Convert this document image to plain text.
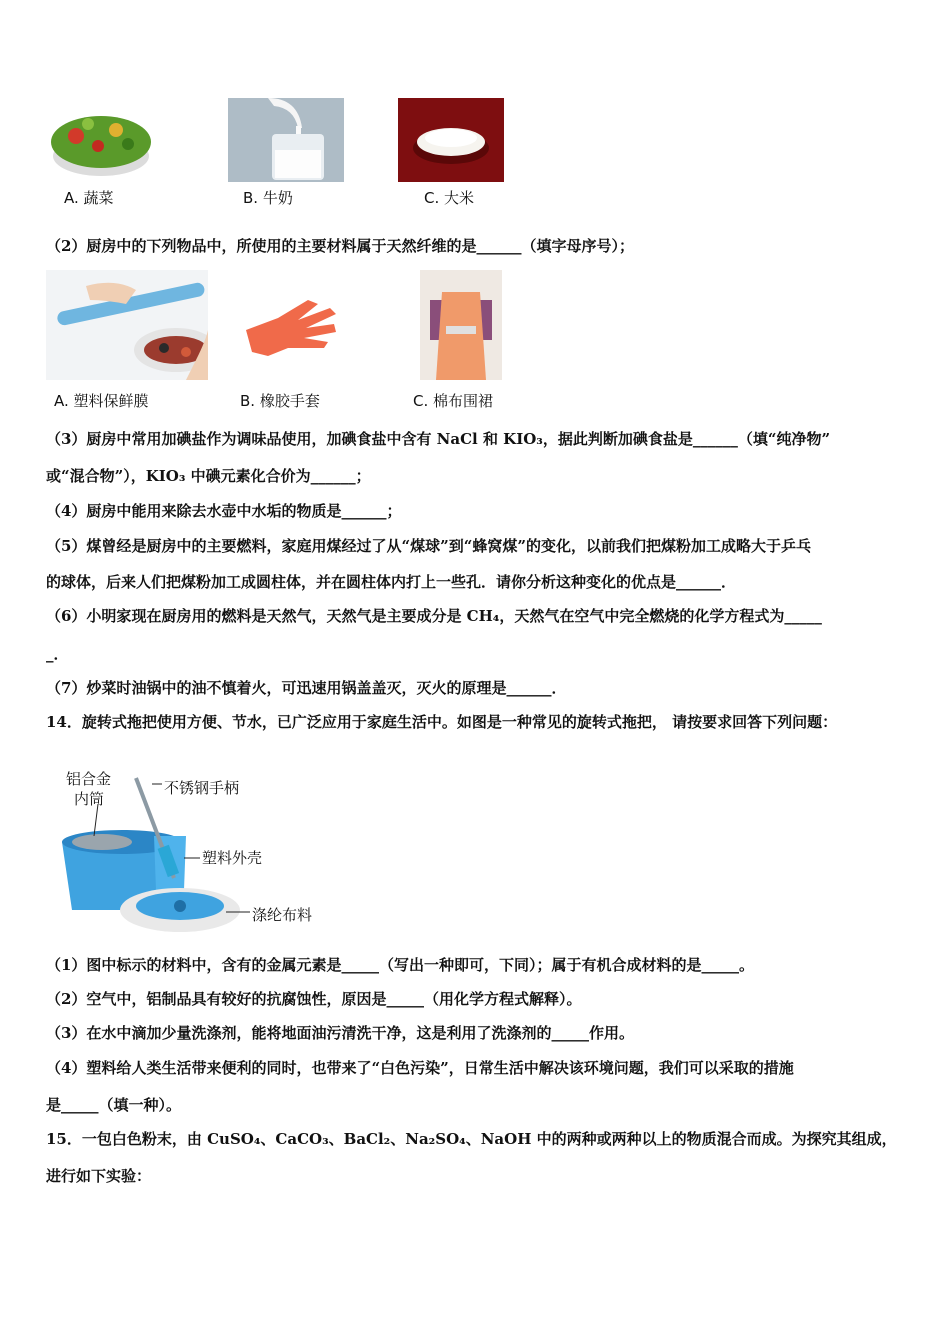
A. 蔬菜	B. 牛奶	C. 大米
（2）厨房中的下列物品中，所使用的主要材料属于天然纤维的是______（填字母序号）；
A. 塑料保鲜膜	B. 橡胶手套	C. 棉布围裙
（3）厨房中常用加碘盐作为调味品使用，加碘食盐中含有 NaCl 和 KIO₃，据此判断加碘食盐是______（填“纯净物”
或“混合物”），KIO₃ 中碘元素化合价为______；
（4）厨房中能用来除去水壶中水垢的物质是______；
（5）煤曾经是厨房中的主要燃料，家庭用煤经过了从“煤球”到“蜂窝煤”的变化，以前我们把煤粉加工成略大于乒乓
的球体，后来人们把煤粉加工成圆柱体，并在圆柱体内打上一些孔．请你分析这种变化的优点是______．
（6）小明家现在厨房用的燃料是天然气，天然气是主要成分是 CH₄，天然气在空气中完全燃烧的化学方程式为_____
_．
（7）炒菜时油锅中的油不慎着火，可迅速用锅盖盖灭，灭火的原理是______．
14．旋转式拖把使用方便、节水，已广泛应用于家庭生活中。如图是一种常见的旋转式拖把， 请按要求回答下列问题：
铝合金
内筒
不锈钢手柄
塑料外壳
涤纶布料
（1）图中标示的材料中，含有的金属元素是_____（写出一种即可，下同）；属于有机合成材料的是_____。
（2）空气中，铝制品具有较好的抗腐蚀性，原因是_____（用化学方程式解释）。
（3）在水中滴加少量洗涤剂，能将地面油污清洗干净，这是利用了洗涤剂的_____作用。
（4）塑料给人类生活带来便利的同时，也带来了“白色污染”，日常生活中解决该环境问题，我们可以采取的措施
是_____（填一种）。
15．一包白色粉末，由 CuSO₄、CaCO₃、BaCl₂、Na₂SO₄、NaOH 中的两种或两种以上的物质混合而成。为探究其组成，
进行如下实验：
